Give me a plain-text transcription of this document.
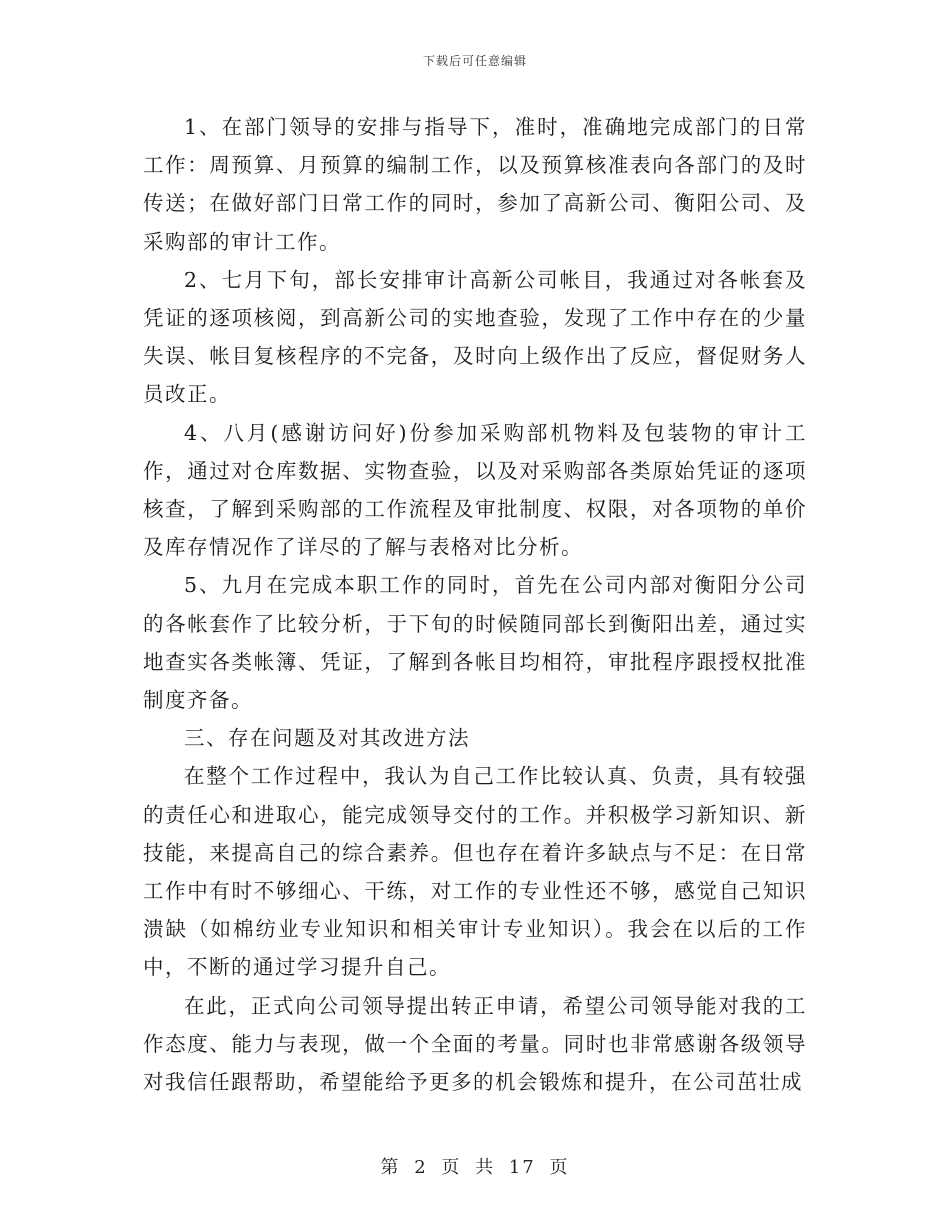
下载后可任意编辑

1、在部门领导的安排与指导下，准时，准确地完成部门的日常工作：周预算、月预算的编制工作，以及预算核准表向各部门的及时传送；在做好部门日常工作的同时，参加了高新公司、衡阳公司、及采购部的审计工作。

2、七月下旬，部长安排审计高新公司帐目，我通过对各帐套及凭证的逐项核阅，到高新公司的实地查验，发现了工作中存在的少量失误、帐目复核程序的不完备，及时向上级作出了反应，督促财务人员改正。

4、八月(感谢访问好)份参加采购部机物料及包装物的审计工作，通过对仓库数据、实物查验，以及对采购部各类原始凭证的逐项核查，了解到采购部的工作流程及审批制度、权限，对各项物的单价及库存情况作了详尽的了解与表格对比分析。

5、九月在完成本职工作的同时，首先在公司内部对衡阳分公司的各帐套作了比较分析，于下旬的时候随同部长到衡阳出差，通过实地查实各类帐簿、凭证，了解到各帐目均相符，审批程序跟授权批准制度齐备。

三、存在问题及对其改进方法

在整个工作过程中，我认为自己工作比较认真、负责，具有较强的责任心和进取心，能完成领导交付的工作。并积极学习新知识、新技能，来提高自己的综合素养。但也存在着许多缺点与不足：在日常工作中有时不够细心、干练，对工作的专业性还不够，感觉自己知识溃缺（如棉纺业专业知识和相关审计专业知识）。我会在以后的工作中，不断的通过学习提升自己。

在此，正式向公司领导提出转正申请，希望公司领导能对我的工作态度、能力与表现，做一个全面的考量。同时也非常感谢各级领导对我信任跟帮助，希望能给予更多的机会锻炼和提升，在公司茁壮成

第 2 页 共 17 页
